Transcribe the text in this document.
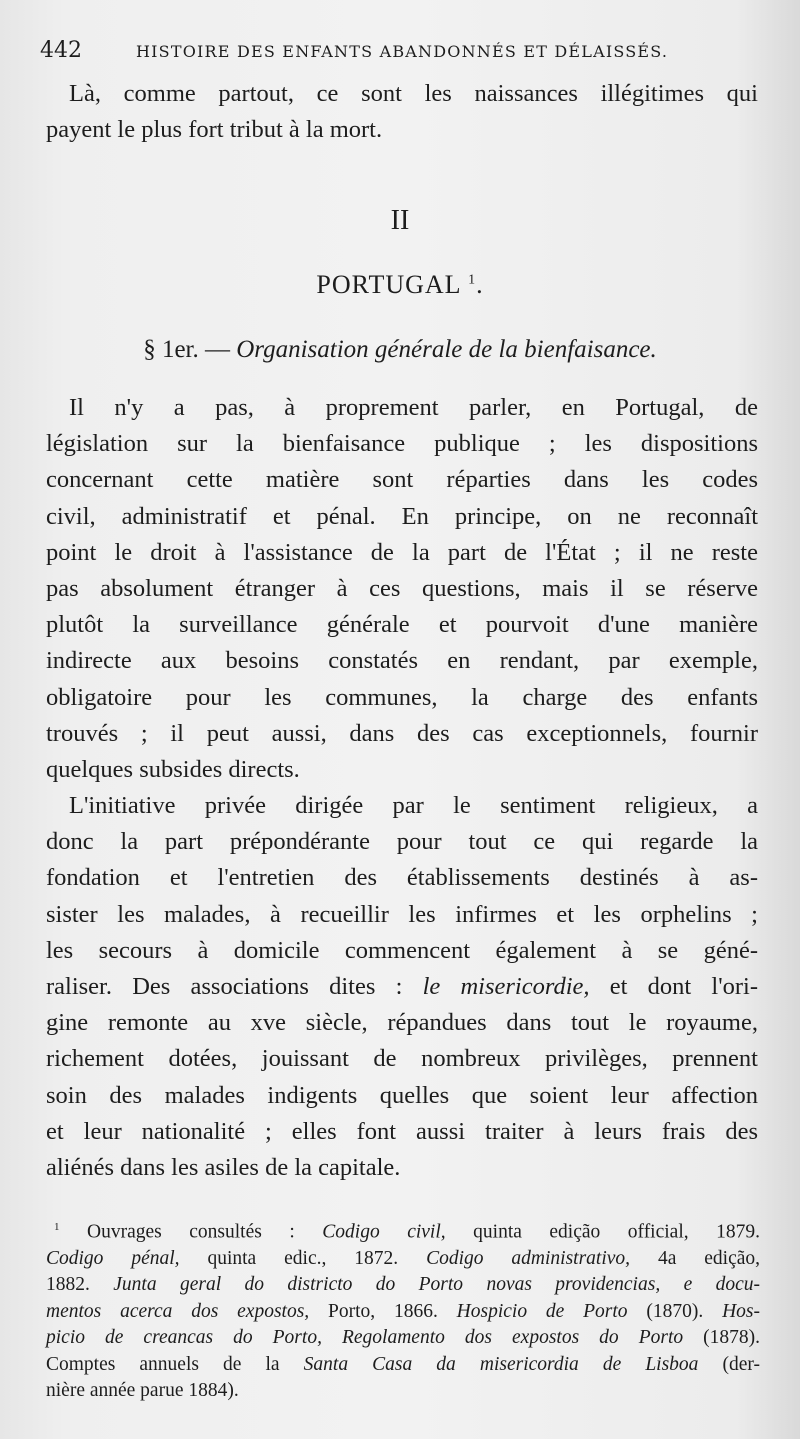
442	HISTOIRE DES ENFANTS ABANDONNÉS ET DÉLAISSÉS.
Là, comme partout, ce sont les naissances illégitimes qui
payent le plus fort tribut à la mort.
II
PORTUGAL $^1$.
§ 1er. — Organisation générale de la bienfaisance.
Il n'y a pas, à proprement parler, en Portugal, de
législation sur la bienfaisance publique ; les dispositions
concernant cette matière sont réparties dans les codes
civil, administratif et pénal. En principe, on ne reconnaît
point le droit à l'assistance de la part de l'État ; il ne reste
pas absolument étranger à ces questions, mais il se réserve
plutôt la surveillance générale et pourvoit d'une manière
indirecte aux besoins constatés en rendant, par exemple,
obligatoire pour les communes, la charge des enfants
trouvés ; il peut aussi, dans des cas exceptionnels, fournir
quelques subsides directs.
L'initiative privée dirigée par le sentiment religieux, a
donc la part prépondérante pour tout ce qui regarde la
fondation et l'entretien des établissements destinés à as-
sister les malades, à recueillir les infirmes et les orphelins ;
les secours à domicile commencent également à se géné-
raliser. Des associations dites : le misericordie, et dont l'ori-
gine remonte au xve siècle, répandues dans tout le royaume,
richement dotées, jouissant de nombreux privilèges, prennent
soin des malades indigents quelles que soient leur affection
et leur nationalité ; elles font aussi traiter à leurs frais des
aliénés dans les asiles de la capitale.
$^1$ Ouvrages consultés : Codigo civil, quinta edição official, 1879.
Codigo pénal, quinta edic., 1872. Codigo administrativo, 4a edição,
1882. Junta geral do districto do Porto novas providencias, e docu-
mentos acerca dos expostos, Porto, 1866. Hospicio de Porto (1870). Hos-
picio de creancas do Porto, Regolamento dos expostos do Porto (1878).
Comptes annuels de la Santa Casa da misericordia de Lisboa (der-
nière année parue 1884).
